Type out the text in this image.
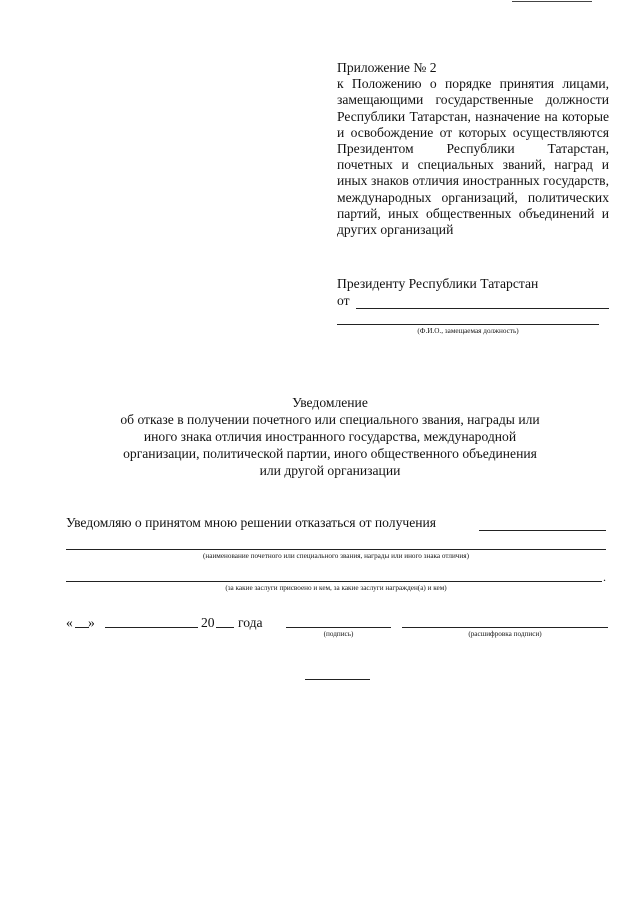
Приложение № 2
к Положению о порядке принятия лицами, замещающими государственные должности Республики Татарстан, назначение на которые и освобождение от которых осуществляются Президентом Республики Татарстан, почетных и специальных званий, наград и иных знаков отличия иностранных государств, международных организаций, политических партий, иных общественных объединений и других организаций
Президенту Республики Татарстан
от
(Ф.И.О., замещаемая должность)
Уведомление
об отказе в получении почетного или специального звания, награды или иного знака отличия иностранного государства, международной организации, политической партии, иного общественного объединения или другой организации
Уведомляю о принятом мною решении отказаться от получения
(наименование почетного или специального звания, награды или иного знака отличия)
.
(за какие заслуги присвоено и кем, за какие заслуги награжден(а) и кем)
« »	20 года
(подпись)	(расшифровка подписи)
